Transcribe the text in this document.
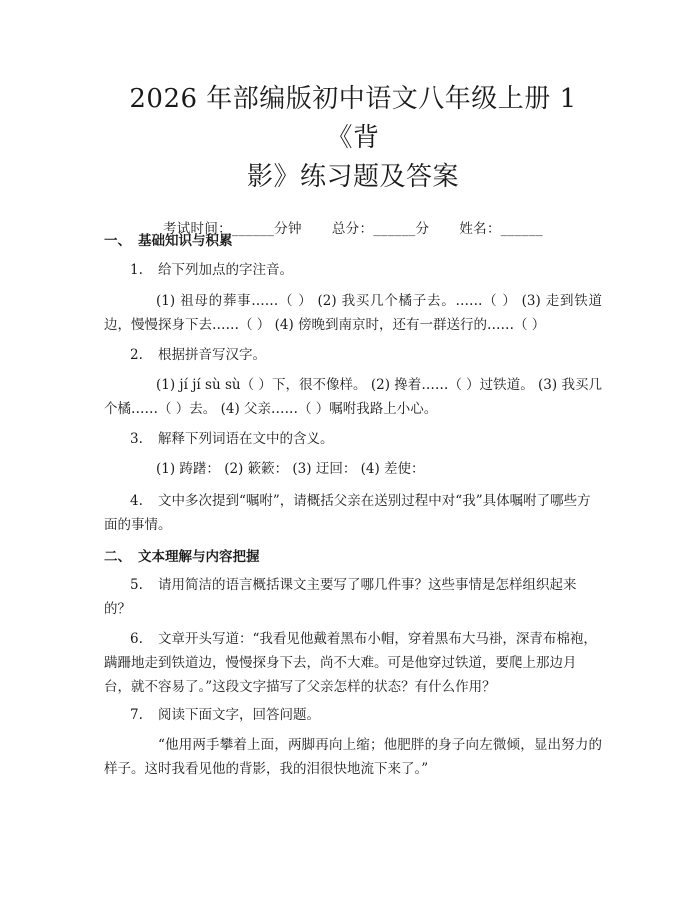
2026 年部编版初中语文八年级上册 1《背
影》练习题及答案
考试时间：______分钟 总分：______分 姓名：______

一、 基础知识与积累

1. 给下列加点的字注音。

(1) 祖母的葬事……（ ） (2) 我买几个橘子去。……（ ） (3) 走到铁道边，慢慢探身下去……（ ） (4) 傍晚到南京时，还有一群送行的……（ ）

2. 根据拼音写汉字。

(1) jí jí sù sù（ ）下，很不像样。 (2) 搀着……（ ）过铁道。 (3) 我买几个橘……（ ）去。 (4) 父亲……（ ）嘱咐我路上小心。

3. 解释下列词语在文中的含义。

(1) 踌躇： (2) 簌簌： (3) 迂回： (4) 差使：

4. 文中多次提到“嘱咐”，请概括父亲在送别过程中对“我”具体嘱咐了哪些方面的事情。

二、 文本理解与内容把握

5. 请用简洁的语言概括课文主要写了哪几件事？这些事情是怎样组织起来的？

6. 文章开头写道：“我看见他戴着黑布小帽，穿着黑布大马褂，深青布棉袍，蹒跚地走到铁道边，慢慢探身下去，尚不大难。可是他穿过铁道，要爬上那边月台，就不容易了。”这段文字描写了父亲怎样的状态？有什么作用？

7. 阅读下面文字，回答问题。

“他用两手攀着上面，两脚再向上缩；他肥胖的身子向左微倾，显出努力的样子。这时我看见他的背影，我的泪很快地流下来了。”
